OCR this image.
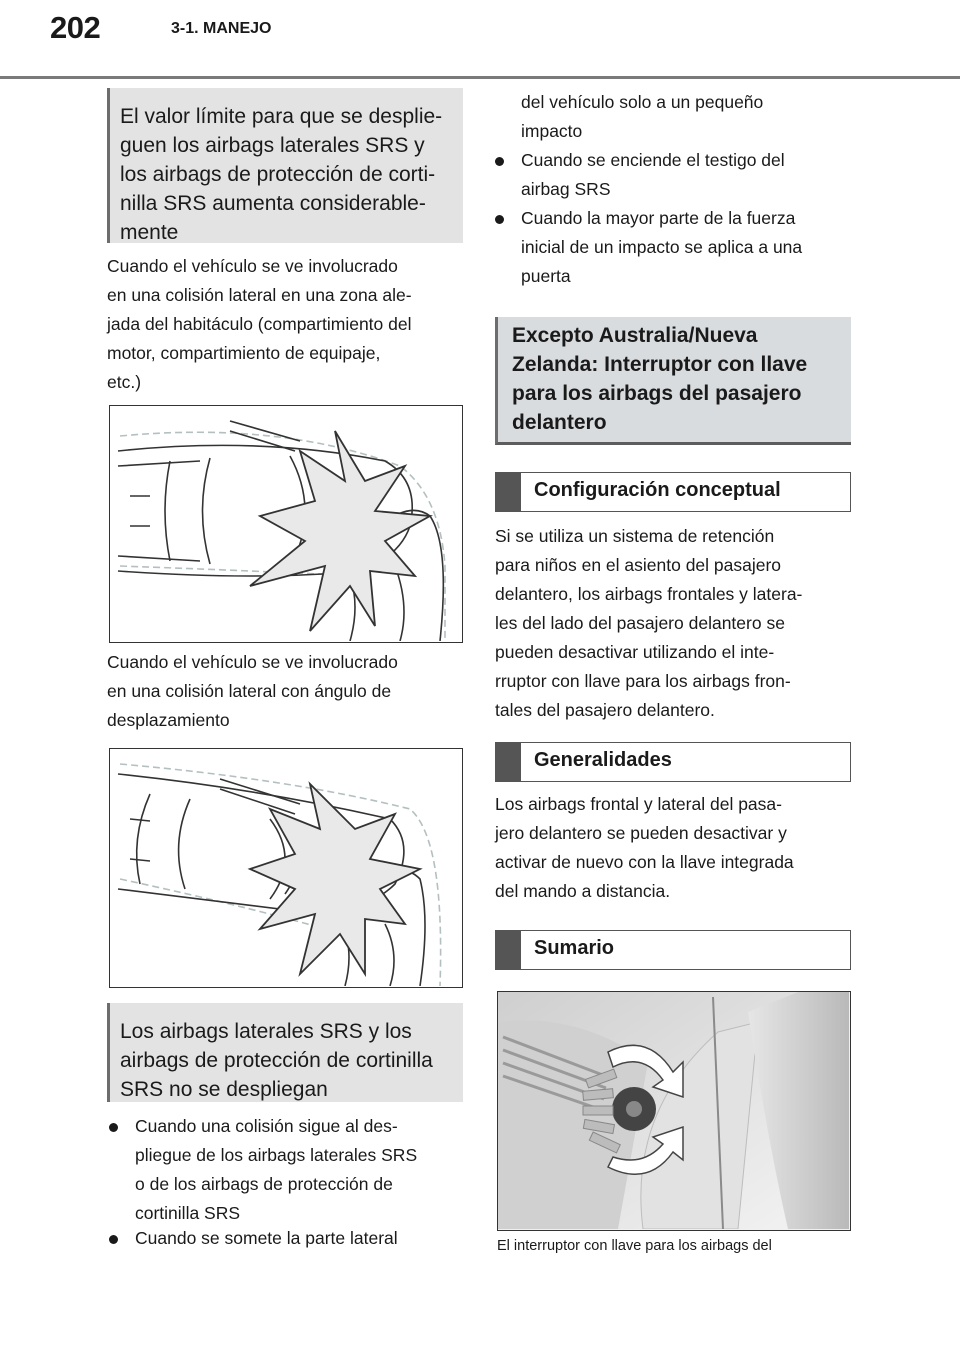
202	3-1. MANEJO
El valor límite para que se desplie-
guen los airbags laterales SRS y
los airbags de protección de corti-
nilla SRS aumenta considerable-
mente
Cuando el vehículo se ve involucrado
en una colisión lateral en una zona ale-
jada del habitáculo (compartimiento del
motor, compartimiento de equipaje,
etc.)
Cuando el vehículo se ve involucrado
en una colisión lateral con ángulo de
desplazamiento
Los airbags laterales SRS y los
airbags de protección de cortinilla
SRS no se despliegan
Cuando una colisión sigue al des-
pliegue de los airbags laterales SRS
o de los airbags de protección de
cortinilla SRS
Cuando se somete la parte lateral
del vehículo solo a un pequeño
impacto
Cuando se enciende el testigo del
airbag SRS
Cuando la mayor parte de la fuerza
inicial de un impacto se aplica a una
puerta
Excepto Australia/Nueva
Zelanda: Interruptor con llave
para los airbags del pasajero
delantero
Configuración conceptual
Si se utiliza un sistema de retención
para niños en el asiento del pasajero
delantero, los airbags frontales y latera-
les del lado del pasajero delantero se
pueden desactivar utilizando el inte-
rruptor con llave para los airbags fron-
tales del pasajero delantero.
Generalidades
Los airbags frontal y lateral del pasa-
jero delantero se pueden desactivar y
activar de nuevo con la llave integrada
del mando a distancia.
Sumario
El interruptor con llave para los airbags del
